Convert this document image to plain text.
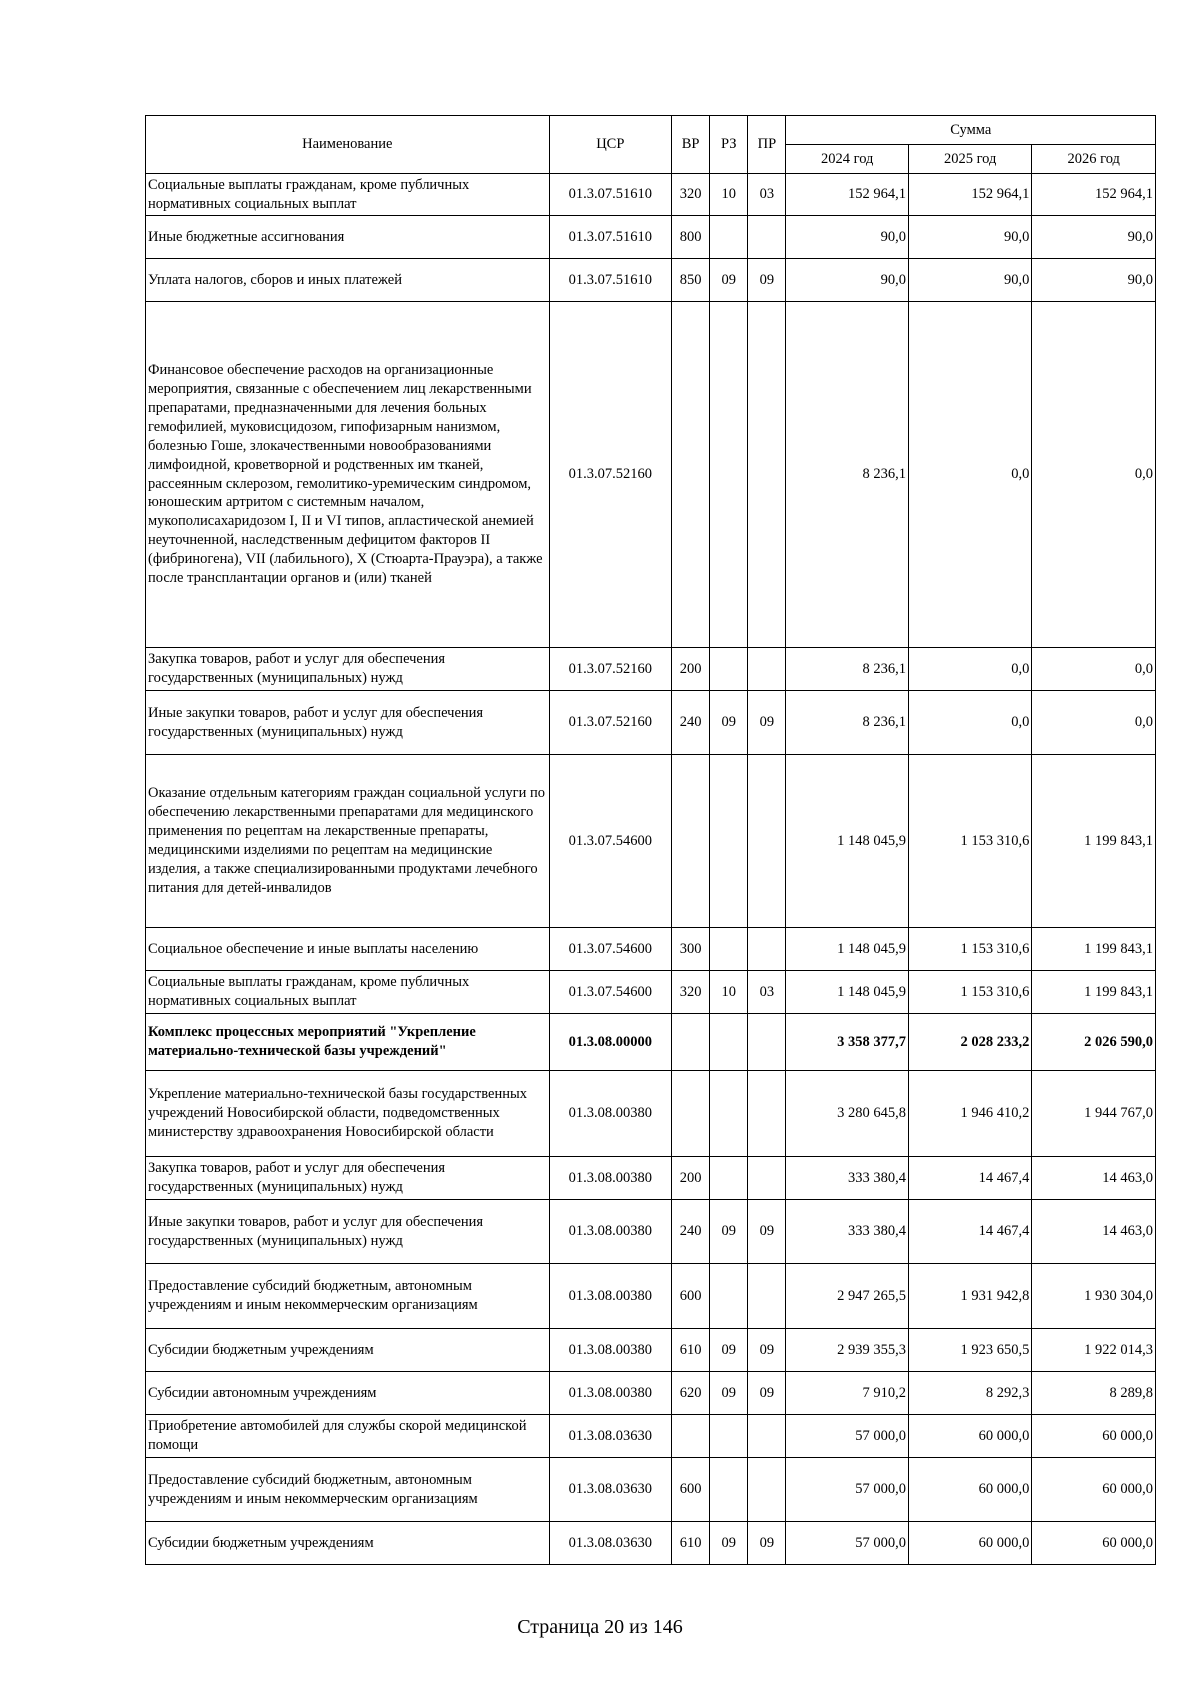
Наименование	ЦСР	ВР	РЗ	ПР	Сумма		
					2024 год	2025 год	2026 год
Социальные выплаты гражданам, кроме публичных нормативных социальных выплат	01.3.07.51610	320	10	03	152 964,1	152 964,1	152 964,1
Иные бюджетные ассигнования	01.3.07.51610	800			90,0	90,0	90,0
Уплата налогов, сборов и иных платежей	01.3.07.51610	850	09	09	90,0	90,0	90,0
Финансовое обеспечение расходов на организационные мероприятия, связанные с обеспечением лиц лекарственными препаратами, предназначенными для лечения больных гемофилией, муковисцидозом, гипофизарным нанизмом, болезнью Гоше, злокачественными новообразованиями лимфоидной, кроветворной и родственных им тканей, рассеянным склерозом, гемолитико-уремическим синдромом, юношеским артритом с системным началом, мукополисахаридозом I, II и VI типов, апластической анемией неуточненной, наследственным дефицитом факторов II (фибриногена), VII (лабильного), X (Стюарта-Прауэра), а также после трансплантации органов и (или) тканей	01.3.07.52160				8 236,1	0,0	0,0
Закупка товаров, работ и услуг для обеспечения государственных (муниципальных) нужд	01.3.07.52160	200			8 236,1	0,0	0,0
Иные закупки товаров, работ и услуг для обеспечения государственных (муниципальных) нужд	01.3.07.52160	240	09	09	8 236,1	0,0	0,0
Оказание отдельным категориям граждан социальной услуги по обеспечению лекарственными препаратами для медицинского применения по рецептам на лекарственные препараты, медицинскими изделиями по рецептам на медицинские изделия, а также специализированными продуктами лечебного питания для детей-инвалидов	01.3.07.54600				1 148 045,9	1 153 310,6	1 199 843,1
Социальное обеспечение и иные выплаты населению	01.3.07.54600	300			1 148 045,9	1 153 310,6	1 199 843,1
Социальные выплаты гражданам, кроме публичных нормативных социальных выплат	01.3.07.54600	320	10	03	1 148 045,9	1 153 310,6	1 199 843,1
Комплекс процессных мероприятий "Укрепление материально-технической базы учреждений"	01.3.08.00000				3 358 377,7	2 028 233,2	2 026 590,0
Укрепление материально-технической базы государственных учреждений Новосибирской области, подведомственных министерству здравоохранения Новосибирской области	01.3.08.00380				3 280 645,8	1 946 410,2	1 944 767,0
Закупка товаров, работ и услуг для обеспечения государственных (муниципальных) нужд	01.3.08.00380	200			333 380,4	14 467,4	14 463,0
Иные закупки товаров, работ и услуг для обеспечения государственных (муниципальных) нужд	01.3.08.00380	240	09	09	333 380,4	14 467,4	14 463,0
Предоставление субсидий бюджетным, автономным учреждениям и иным некоммерческим организациям	01.3.08.00380	600			2 947 265,5	1 931 942,8	1 930 304,0
Субсидии бюджетным учреждениям	01.3.08.00380	610	09	09	2 939 355,3	1 923 650,5	1 922 014,3
Субсидии автономным учреждениям	01.3.08.00380	620	09	09	7 910,2	8 292,3	8 289,8
Приобретение автомобилей для службы скорой медицинской помощи	01.3.08.03630				57 000,0	60 000,0	60 000,0
Предоставление субсидий бюджетным, автономным учреждениям и иным некоммерческим организациям	01.3.08.03630	600			57 000,0	60 000,0	60 000,0
Субсидии бюджетным учреждениям	01.3.08.03630	610	09	09	57 000,0	60 000,0	60 000,0
Страница 20 из 146
